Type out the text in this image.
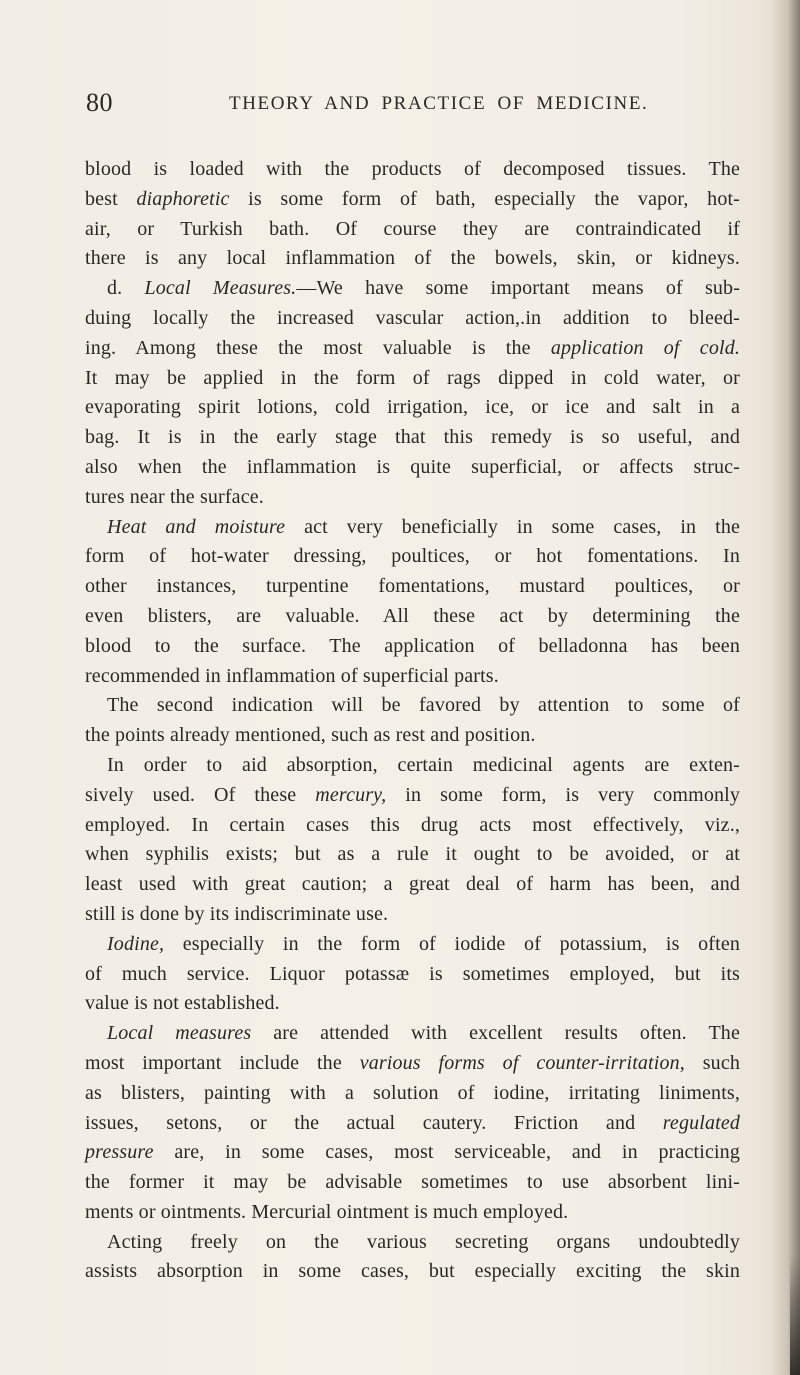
80	THEORY AND PRACTICE OF MEDICINE.
blood is loaded with the products of decomposed tissues. The
best diaphoretic is some form of bath, especially the vapor, hot-
air, or Turkish bath. Of course they are contraindicated if
there is any local inflammation of the bowels, skin, or kidneys.
d. Local Measures.—We have some important means of sub-
duing locally the increased vascular action,.in addition to bleed-
ing. Among these the most valuable is the application of cold.
It may be applied in the form of rags dipped in cold water, or
evaporating spirit lotions, cold irrigation, ice, or ice and salt in a
bag. It is in the early stage that this remedy is so useful, and
also when the inflammation is quite superficial, or affects struc-
tures near the surface.
Heat and moisture act very beneficially in some cases, in the
form of hot-water dressing, poultices, or hot fomentations. In
other instances, turpentine fomentations, mustard poultices, or
even blisters, are valuable. All these act by determining the
blood to the surface. The application of belladonna has been
recommended in inflammation of superficial parts.
The second indication will be favored by attention to some of
the points already mentioned, such as rest and position.
In order to aid absorption, certain medicinal agents are exten-
sively used. Of these mercury, in some form, is very commonly
employed. In certain cases this drug acts most effectively, viz.,
when syphilis exists; but as a rule it ought to be avoided, or at
least used with great caution; a great deal of harm has been, and
still is done by its indiscriminate use.
Iodine, especially in the form of iodide of potassium, is often
of much service. Liquor potassæ is sometimes employed, but its
value is not established.
Local measures are attended with excellent results often. The
most important include the various forms of counter-irritation, such
as blisters, painting with a solution of iodine, irritating liniments,
issues, setons, or the actual cautery. Friction and regulated
pressure are, in some cases, most serviceable, and in practicing
the former it may be advisable sometimes to use absorbent lini-
ments or ointments. Mercurial ointment is much employed.
Acting freely on the various secreting organs undoubtedly
assists absorption in some cases, but especially exciting the skin
